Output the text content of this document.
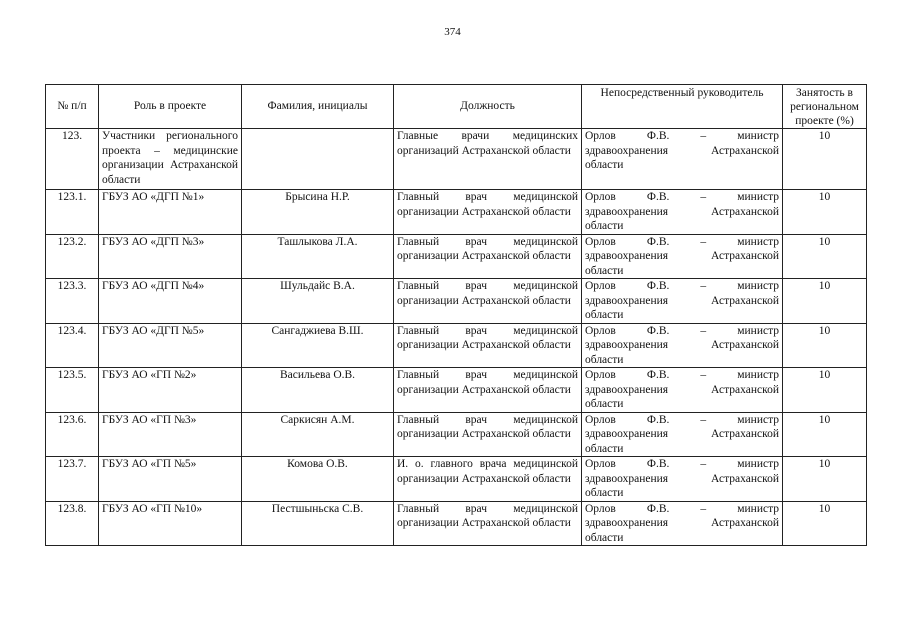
374
№ п/п	Роль в проекте	Фамилия, инициалы	Должность	Непосредственный руководитель	Занятость в региональном проекте (%)
123.	Участники регионального проекта – медицинские организации Астраханской области		Главные врачи медицинских организаций Астраханской области	Орлов Ф.В. – министр здравоохранения Астраханской области	10
123.1.	ГБУЗ АО «ДГП №1»	Брысина Н.Р.	Главный врач медицинской организации Астраханской области	Орлов Ф.В. – министр здравоохранения Астраханской области	10
123.2.	ГБУЗ АО «ДГП №3»	Ташлыкова Л.А.	Главный врач медицинской организации Астраханской области	Орлов Ф.В. – министр здравоохранения Астраханской области	10
123.3.	ГБУЗ АО «ДГП №4»	Шульдайс В.А.	Главный врач медицинской организации Астраханской области	Орлов Ф.В. – министр здравоохранения Астраханской области	10
123.4.	ГБУЗ АО «ДГП №5»	Сангаджиева В.Ш.	Главный врач медицинской организации Астраханской области	Орлов Ф.В. – министр здравоохранения Астраханской области	10
123.5.	ГБУЗ АО «ГП №2»	Васильева О.В.	Главный врач медицинской организации Астраханской области	Орлов Ф.В. – министр здравоохранения Астраханской области	10
123.6.	ГБУЗ АО «ГП №3»	Саркисян А.М.	Главный врач медицинской организации Астраханской области	Орлов Ф.В. – министр здравоохранения Астраханской области	10
123.7.	ГБУЗ АО «ГП №5»	Комова О.В.	И. о. главного врача медицинской организации Астраханской области	Орлов Ф.В. – министр здравоохранения Астраханской области	10
123.8.	ГБУЗ АО «ГП №10»	Пестшыньска С.В.	Главный врач медицинской организации Астраханской области	Орлов Ф.В. – министр здравоохранения Астраханской области	10
